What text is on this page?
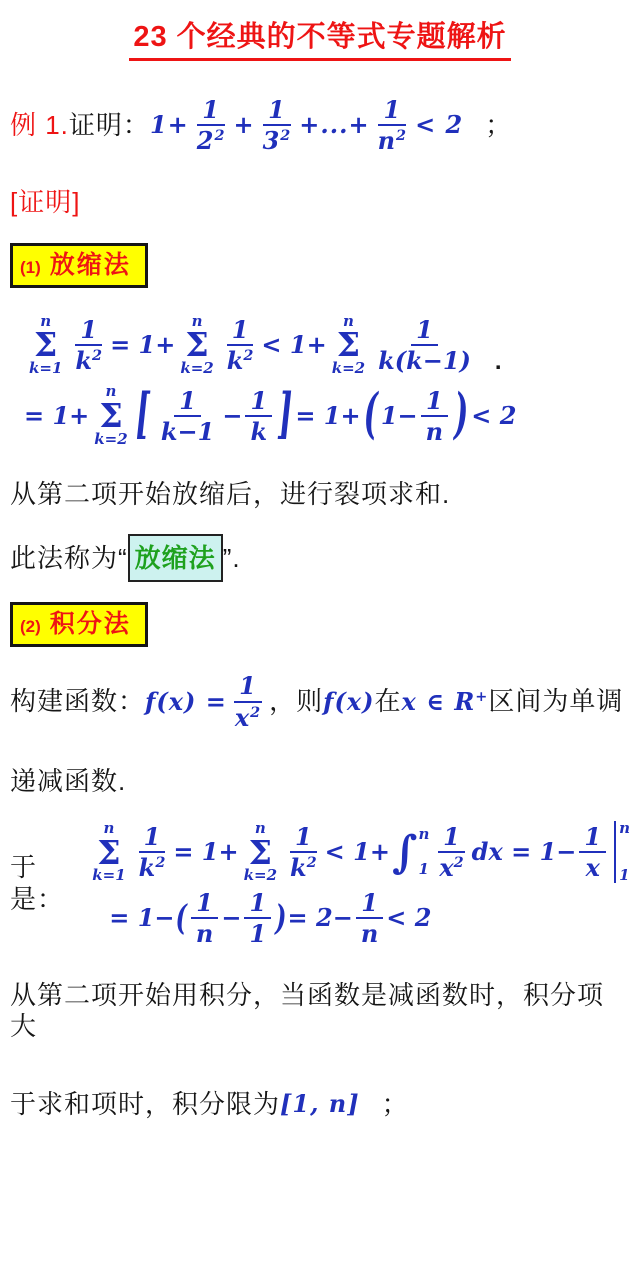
23 个经典的不等式专题解析
例 1. 证明： $1+ \frac{1}{2^2} + \frac{1}{3^2}$ +...+ $\frac{1}{n^2} < 2$ ；
[证明]
(1) 放缩法
n
Σ
$k=1 \frac{1}{k^2} = 1+$
n
Σ
$k=2 \frac{1}{k^2} < 1+$
n
Σ
$k=2 \frac{1}{k(k-1)}$ .
= 1+
n
Σ
k=2 [ $\frac{1}{k-1} - \frac{1}{k}$ ] = 1+ ( $1- \frac{1}{n}$ ) < 2
从第二项开始放缩后，进行裂项求和.
此法称为“ 放缩法 ”.
(2) 积分法
构建函数： $f(x) = \frac{1}{x^2}$ ，则 f(x) 在 x ∈ R+ 区间为单调
递减函数.
于是：
n
Σ
$k=1 \frac{1}{k^2} = 1+$
n
Σ
$k=2 \frac{1}{k^2} < 1+$ ∫ n
$1 \frac{1}{x^2}$ dx = $1- \frac{1}{x}$ n
1
= 1− ( $\frac{1}{n} - \frac{1}{1}$ ) = $2- \frac{1}{n} < 2$
从第二项开始用积分，当函数是减函数时，积分项大
于求和项时，积分限为 [1, n] ；
